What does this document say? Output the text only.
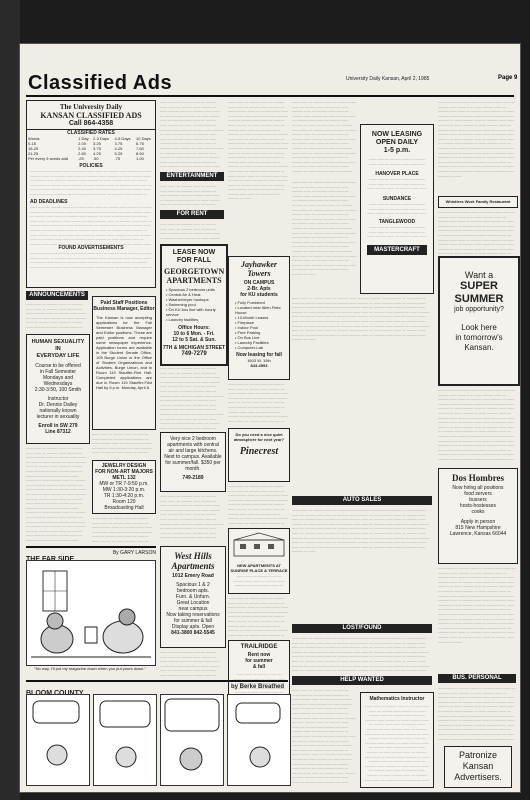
Classified Ads	University Daily Kansan, April 2, 1985	Page 9
The University Daily
KANSAN CLASSIFIED ADS
Call 864-4358
CLASSIFIED RATES
Words	1 Day	2-3 Days	4-5 Days	10 Days
0-15	2.00	3.25	3.75	6.75
16-20	2.40	3.75	4.25	7.50
21-25	2.80	4.25	5.25	8.50
Per every 5 words add	.25	.50	.75	1.00
POLICIES
—— ——
AD DEADLINES
—— ——
FOUND ADVERTISEMENTS
—— ——
ANNOUNCEMENTS
—— ——
HUMAN SEXUALITY
IN
EVERYDAY LIFE
Course to be offered
in Fall Semester
Mondays and
Wednesdays
2:30-3:50, 100 Smith
Instructor
Dr. Dennis Dailey
nationally known
lecturer in sexuality
Enroll in SW 279
Line 87312
—— ——
Paid Staff Positions
Business Manager, Editor
The Kansan is now accepting applications for the Fall Semester Business Manager and Editor positions. These are paid positions and require some newspaper experience. Application forms are available in the Student Senate Office, 105 Burge Union or the Office of Student Organizations and Activities, Burge Union, and in Room 119 Stauffer-Flint Hall. Completed applications are due in Room 119 Stauffer-Flint Hall by 5 p.m. Monday, April 8.
—— ——
JEWELRY DESIGN
FOR NON-ART MAJORS
METL 132
MW or TR 7-9:50 p.m.
MW 1:30-3:20 p.m.
TR 1:30-4:20 p.m.
Room 120
Broadcasting Hall
—— ——
—— ——
ENTERTAINMENT
—— ——
FOR RENT
—— ——
LEASE NOW
FOR FALL
GEORGETOWN APARTMENTS
• Spacious 2 bedroom units
• Central Air & Heat
• Washer/dryer hookups
• Swimming pool
• On KU bus line with hourly service
• Laundry facilities
Office Hours:
10 to 6 Mon. - Fri.
12 to 5 Sat. & Sun.
7TH & MICHIGAN STREET
749-7279
—— ——
Very nice 2 bedroom apartments with central air and large kitchens. Next to campus. Available for summer/fall. $350 per month.
749-2189
—— ——
Jayhawker Towers
ON CAMPUS
2-Br. Apts
for KU students
• Fully Furnished
• Located near Allen Field House
• 10-Month Leases
• Fireplace
• Indoor Pool
• Free Parking
• On Bus Line
• Laundry Facilities
• Computer-Lab
Now leasing for fall
1603 W. 15th
843-4993
—— ——
—— ——
Do you need a nice quiet atmosphere for next year?
Pinecrest
—— ——
NEW APARTMENTS AT
SUNRISE PLACE & TERRACE
—— ——
—— ——
TRAILRIDGE
Rent now
for summer
& fall
—— ——
—— ——
West Hills Apartments
1012 Emery Road
Spacious 1 & 2
bedroom apts.
Furn. & Unfurn.
Great Location
near campus
Now taking reservations
for summer & fall
Display apts. Open
841-3800 842-5545
—— ——
By GARY LARSON
"No way. I'll put my magazine down when you put yours down."
by Berke Breathed
—— ——
NOW LEASING
OPEN DAILY
1-5 p.m.
—— ——
HANOVER PLACE
—— ——
SUNDANCE
—— ——
TANGLEWOOD
—— ——
MASTERCRAFT
—— ——
—— ——
AUTO SALES
—— ——
LOST/FOUND
—— ——
HELP WANTED
—— ——
Mathematics Instructor
—— ——
—— ——
Whistlers Work Family Restaurant
—— ——
Want a
SUPER
SUMMER
job opportunity?
Look here
in tomorrow's
Kansan.
—— ——
Dos Hombres
Now hiring all positions
food servers
bussers
hosts-hostesses
cooks
Apply in person
815 New Hampshire
Lawrence, Kansas 66044
—— ——
BUS. PERSONAL
—— ——
Patronize
Kansan
Advertisers.
